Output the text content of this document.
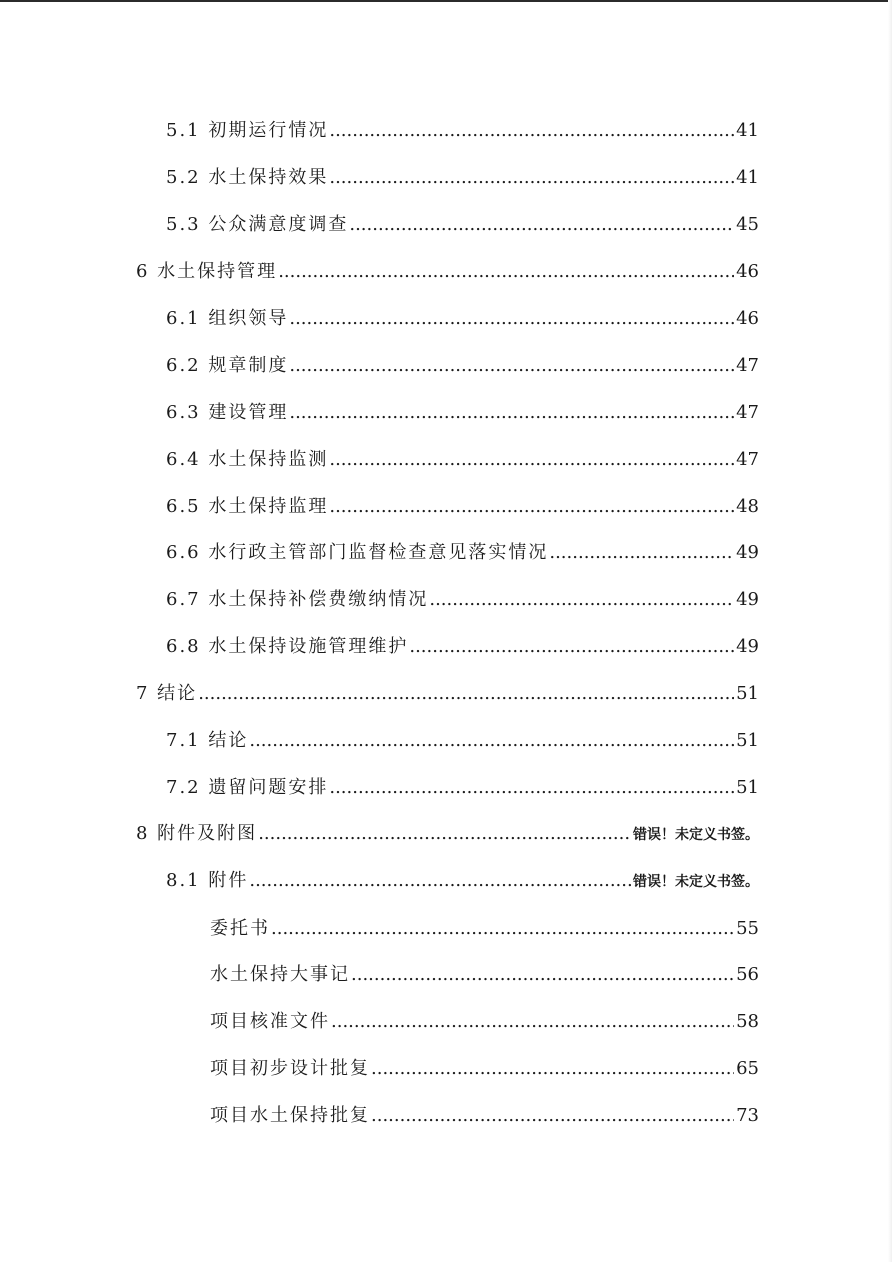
5.1 初期运行情况 .....	41
5.2 水土保持效果 .....	41
5.3 公众满意度调查 .....	45
6 水土保持管理 .....	46
6.1 组织领导 .....	46
6.2 规章制度 .....	47
6.3 建设管理 .....	47
6.4 水土保持监测 .....	47
6.5 水土保持监理 .....	48
6.6 水行政主管部门监督检查意见落实情况 .....	49
6.7 水土保持补偿费缴纳情况 .....	49
6.8 水土保持设施管理维护 .....	49
7 结论 .....	51
7.1 结论 .....	51
7.2 遗留问题安排 .....	51
8 附件及附图 .....	错误！未定义书签。
8.1 附件 .....	错误！未定义书签。
委托书 .....	55
水土保持大事记 .....	56
项目核准文件 .....	58
项目初步设计批复 .....	65
项目水土保持批复 .....	73
